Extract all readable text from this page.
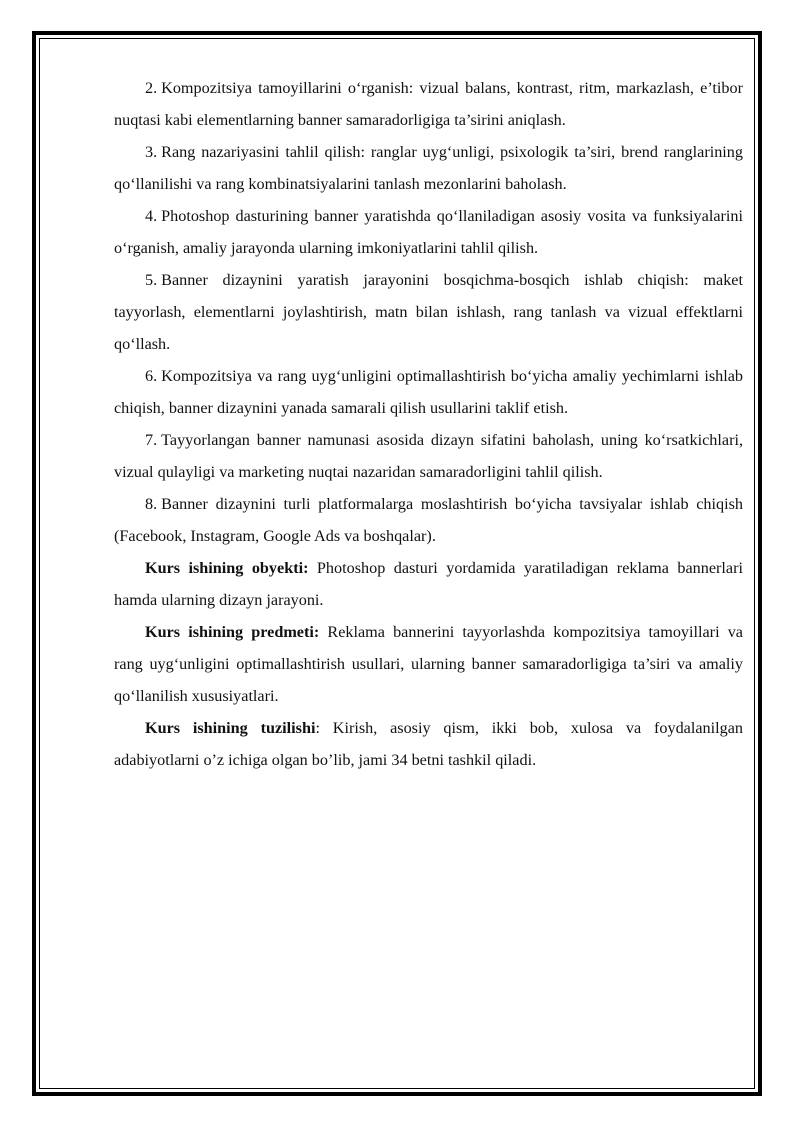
2. Kompozitsiya tamoyillarini o‘rganish: vizual balans, kontrast, ritm, markazlash, e’tibor nuqtasi kabi elementlarning banner samaradorligiga ta’sirini aniqlash.

3. Rang nazariyasini tahlil qilish: ranglar uyg‘unligi, psixologik ta’siri, brend ranglarining qo‘llanilishi va rang kombinatsiyalarini tanlash mezonlarini baholash.

4. Photoshop dasturining banner yaratishda qo‘llaniladigan asosiy vosita va funksiyalarini o‘rganish, amaliy jarayonda ularning imkoniyatlarini tahlil qilish.

5. Banner dizaynini yaratish jarayonini bosqichma-bosqich ishlab chiqish: maket tayyorlash, elementlarni joylashtirish, matn bilan ishlash, rang tanlash va vizual effektlarni qo‘llash.

6. Kompozitsiya va rang uyg‘unligini optimallashtirish bo‘yicha amaliy yechimlarni ishlab chiqish, banner dizaynini yanada samarali qilish usullarini taklif etish.

7. Tayyorlangan banner namunasi asosida dizayn sifatini baholash, uning ko‘rsatkichlari, vizual qulayligi va marketing nuqtai nazaridan samaradorligini tahlil qilish.

8. Banner dizaynini turli platformalarga moslashtirish bo‘yicha tavsiyalar ishlab chiqish (Facebook, Instagram, Google Ads va boshqalar).

Kurs ishining obyekti: Photoshop dasturi yordamida yaratiladigan reklama bannerlari hamda ularning dizayn jarayoni.

Kurs ishining predmeti: Reklama bannerini tayyorlashda kompozitsiya tamoyillari va rang uyg‘unligini optimallashtirish usullari, ularning banner samaradorligiga ta’siri va amaliy qo‘llanilish xususiyatlari.

Kurs ishining tuzilishi: Kirish, asosiy qism, ikki bob, xulosa va foydalanilgan adabiyotlarni o’z ichiga olgan bo’lib, jami 34 betni tashkil qiladi.
